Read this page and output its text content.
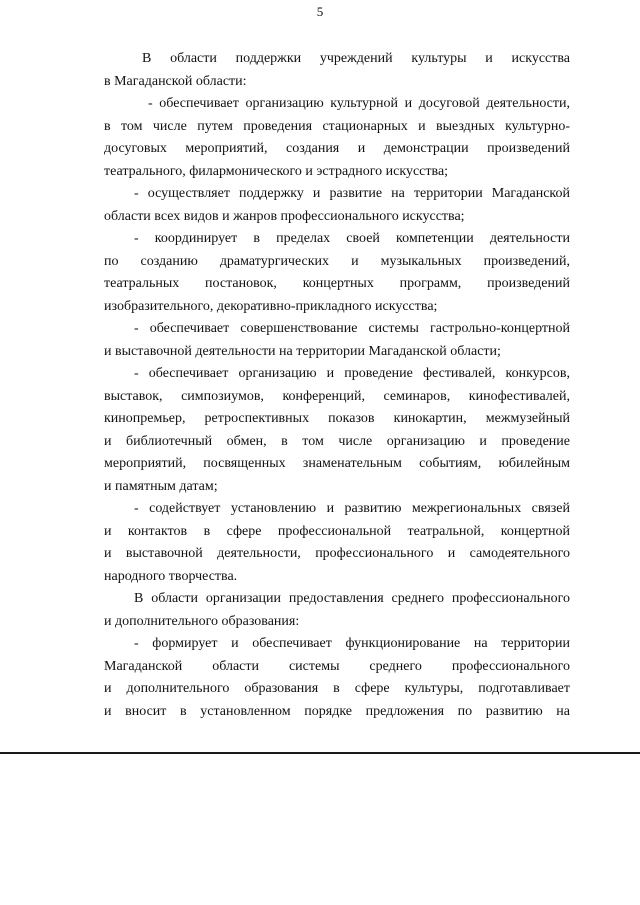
5
В области поддержки учреждений культуры и искусства
в Магаданской области:
- обеспечивает организацию культурной и досуговой деятельности,
в том числе путем проведения стационарных и выездных культурно-
досуговых мероприятий, создания и демонстрации произведений
театрального, филармонического и эстрадного искусства;
- осуществляет поддержку и развитие на территории Магаданской
области всех видов и жанров профессионального искусства;
- координирует в пределах своей компетенции деятельности
по созданию драматургических и музыкальных произведений,
театральных постановок, концертных программ, произведений
изобразительного, декоративно-прикладного искусства;
- обеспечивает совершенствование системы гастрольно-концертной
и выставочной деятельности на территории Магаданской области;
- обеспечивает организацию и проведение фестивалей, конкурсов,
выставок, симпозиумов, конференций, семинаров, кинофестивалей,
кинопремьер, ретроспективных показов кинокартин, межмузейный
и библиотечный обмен, в том числе организацию и проведение
мероприятий, посвященных знаменательным событиям, юбилейным
и памятным датам;
- содействует установлению и развитию межрегиональных связей
и контактов в сфере профессиональной театральной, концертной
и выставочной деятельности, профессионального и самодеятельного
народного творчества.
В области организации предоставления среднего профессионального
и дополнительного образования:
- формирует и обеспечивает функционирование на территории
Магаданской области системы среднего профессионального
и дополнительного образования в сфере культуры, подготавливает
и вносит в установленном порядке предложения по развитию на
